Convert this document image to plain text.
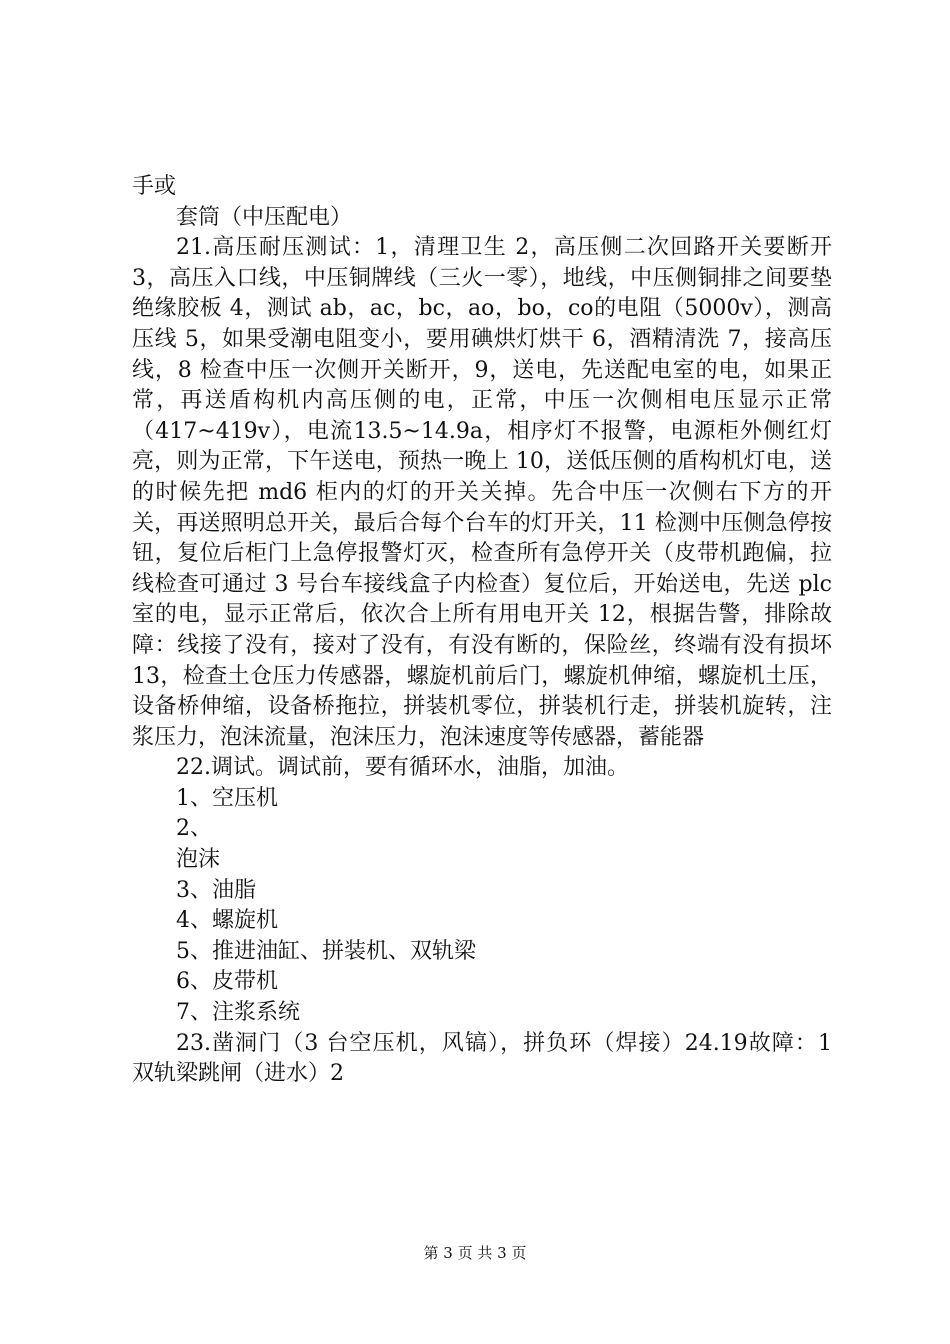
手或

套筒（中压配电）

21.高压耐压测试：1，清理卫生 2，高压侧二次回路开关要断开 3，高压入口线，中压铜牌线（三火一零），地线，中压侧铜排之间要垫绝缘胶板 4，测试 ab，ac，bc，ao，bo，co的电阻（5000v），测高压线 5，如果受潮电阻变小，要用碘烘灯烘干 6，酒精清洗 7，接高压线，8 检查中压一次侧开关断开，9，送电，先送配电室的电，如果正常，再送盾构机内高压侧的电，正常，中压一次侧相电压显示正常（417~419v），电流13.5~14.9a，相序灯不报警，电源柜外侧红灯亮，则为正常，下午送电，预热一晚上 10，送低压侧的盾构机灯电，送的时候先把 md6 柜内的灯的开关关掉。先合中压一次侧右下方的开关，再送照明总开关，最后合每个台车的灯开关，11 检测中压侧急停按钮，复位后柜门上急停报警灯灭，检查所有急停开关（皮带机跑偏，拉线检查可通过 3 号台车接线盒子内检查）复位后，开始送电，先送 plc 室的电，显示正常后，依次合上所有用电开关 12，根据告警，排除故障：线接了没有，接对了没有，有没有断的，保险丝，终端有没有损坏 13，检查土仓压力传感器，螺旋机前后门，螺旋机伸缩，螺旋机土压，设备桥伸缩，设备桥拖拉，拼装机零位，拼装机行走，拼装机旋转，注浆压力，泡沫流量，泡沫压力，泡沫速度等传感器，蓄能器

22.调试。调试前，要有循环水，油脂，加油。

1、空压机

2、

泡沫

3、油脂

4、螺旋机

5、推进油缸、拼装机、双轨梁

6、皮带机

7、注浆系统

23.凿洞门（3 台空压机，风镐），拼负环（焊接）24.19故障：1 双轨梁跳闸（进水）2

第 3 页 共 3 页
